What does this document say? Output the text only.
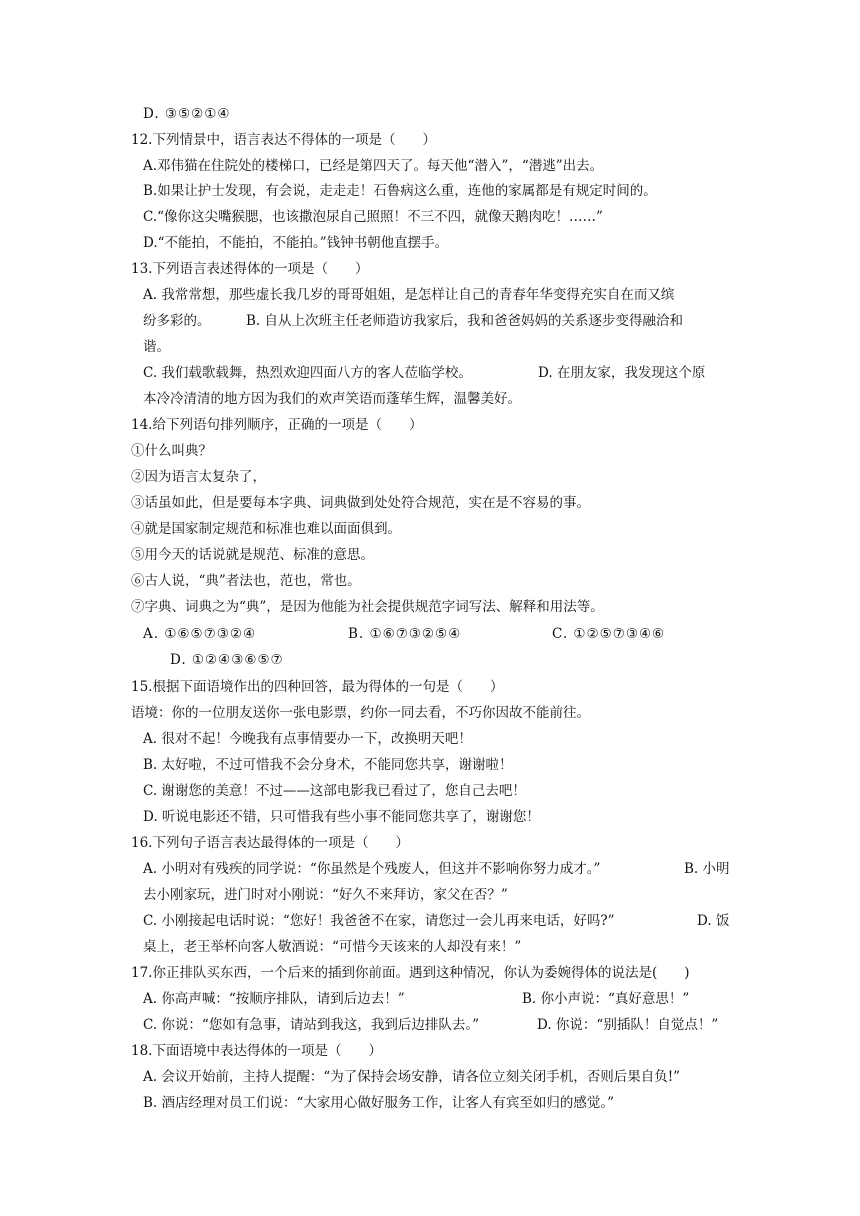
D. ③⑤②①④
12.下列情景中，语言表达不得体的一项是（　　）
A.邓伟猫在住院处的楼梯口，已经是第四天了。每天他“潜入”，“潜逃”出去。
B.如果让护士发现，有会说，走走走！石鲁病这么重，连他的家属都是有规定时间的。
C.“像你这尖嘴猴腮，也该撒泡尿自己照照！不三不四，就像天鹅肉吃！……”
D.“不能拍，不能拍，不能拍。”钱钟书朝他直摆手。
13.下列语言表述得体的一项是（　　）
A. 我常常想，那些虚长我几岁的哥哥姐姐，是怎样让自己的青春年华变得充实自在而又缤
纷多彩的。	B. 自从上次班主任老师造访我家后，我和爸爸妈妈的关系逐步变得融洽和
谐。
C. 我们载歌载舞，热烈欢迎四面八方的客人莅临学校。	D. 在朋友家，我发现这个原
本冷冷清清的地方因为我们的欢声笑语而蓬荜生辉，温馨美好。
14.给下列语句排列顺序，正确的一项是（　　）
①什么叫典？
②因为语言太复杂了，
③话虽如此，但是要每本字典、词典做到处处符合规范，实在是不容易的事。
④就是国家制定规范和标准也难以面面俱到。
⑤用今天的话说就是规范、标准的意思。
⑥古人说，“典”者法也，范也，常也。
⑦字典、词典之为“典”，是因为他能为社会提供规范字词写法、解释和用法等。
A. ①⑥⑤⑦③②④	B. ①⑥⑦③②⑤④	C. ①②⑤⑦③④⑥
D. ①②④③⑥⑤⑦
15.根据下面语境作出的四种回答，最为得体的一句是（　　）
语境：你的一位朋友送你一张电影票，约你一同去看，不巧你因故不能前往。
A. 很对不起！今晚我有点事情要办一下，改换明天吧！
B. 太好啦，不过可惜我不会分身术，不能同您共享，谢谢啦！
C. 谢谢您的美意！不过——这部电影我已看过了，您自己去吧！
D. 听说电影还不错，只可惜我有些小事不能同您共享了，谢谢您！
16.下列句子语言表达最得体的一项是（　　）
A. 小明对有残疾的同学说：“你虽然是个残废人，但这并不影响你努力成才。”	B. 小明
去小刚家玩，进门时对小刚说：“好久不来拜访，家父在否？”
C. 小刚接起电话时说：“您好！我爸爸不在家，请您过一会儿再来电话，好吗?”	D. 饭
桌上，老王举杯向客人敬酒说：“可惜今天该来的人却没有来！”
17.你正排队买东西，一个后来的插到你前面。遇到这种情况，你认为委婉得体的说法是(　　)
A. 你高声喊：“按顺序排队，请到后边去！”	B. 你小声说：“真好意思！”
C. 你说：“您如有急事，请站到我这，我到后边排队去。”	D. 你说：“别插队！自觉点！”
18.下面语境中表达得体的一项是（　　）
A. 会议开始前，主持人提醒：“为了保持会场安静，请各位立刻关闭手机，否则后果自负!”
B. 酒店经理对员工们说：“大家用心做好服务工作，让客人有宾至如归的感觉。”
